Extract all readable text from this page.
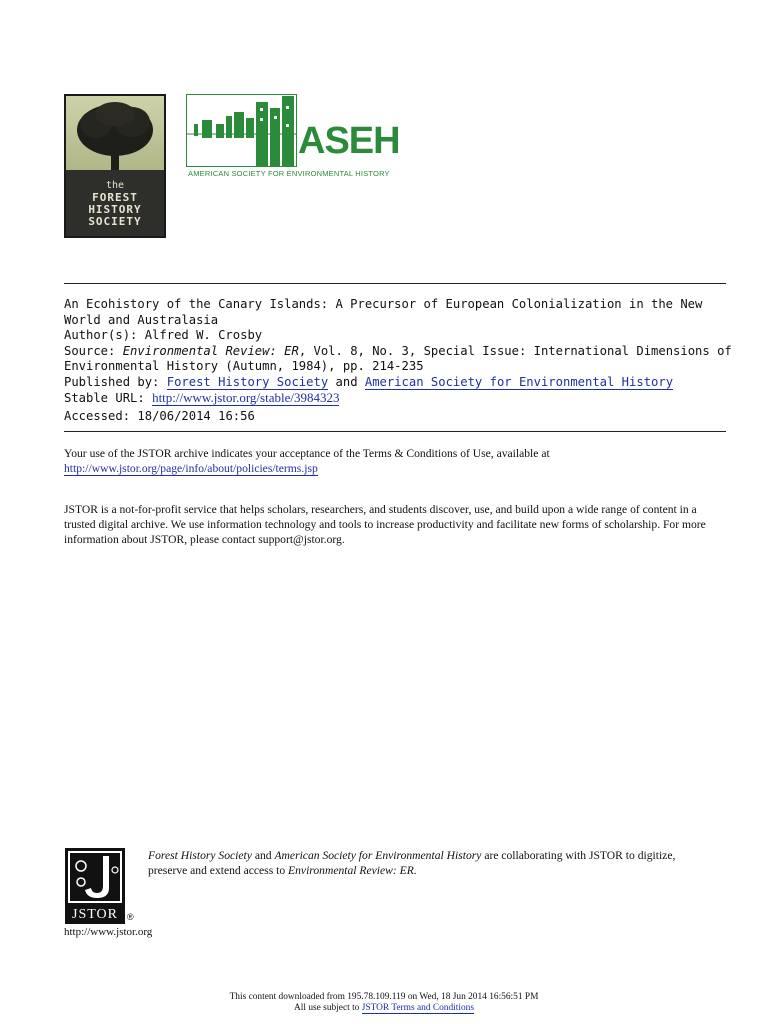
the
FOREST
HISTORY
SOCIETY
ASEH
AMERICAN SOCIETY FOR ENVIRONMENTAL HISTORY
An Ecohistory of the Canary Islands: A Precursor of European Colonialization in the New
World and Australasia
Author(s): Alfred W. Crosby
Source: Environmental Review: ER, Vol. 8, No. 3, Special Issue: International Dimensions of
Environmental History (Autumn, 1984), pp. 214-235
Published by: Forest History Society and American Society for Environmental History
Stable URL: http://www.jstor.org/stable/3984323
Accessed: 18/06/2014 16:56
Your use of the JSTOR archive indicates your acceptance of the Terms & Conditions of Use, available at
http://www.jstor.org/page/info/about/policies/terms.jsp
JSTOR is a not-for-profit service that helps scholars, researchers, and students discover, use, and build upon a wide range of content in a trusted digital archive. We use information technology and tools to increase productivity and facilitate new forms of scholarship. For more information about JSTOR, please contact support@jstor.org.
JSTOR	®
Forest History Society and American Society for Environmental History are collaborating with JSTOR to digitize, preserve and extend access to Environmental Review: ER.
http://www.jstor.org
This content downloaded from 195.78.109.119 on Wed, 18 Jun 2014 16:56:51 PM
All use subject to JSTOR Terms and Conditions
